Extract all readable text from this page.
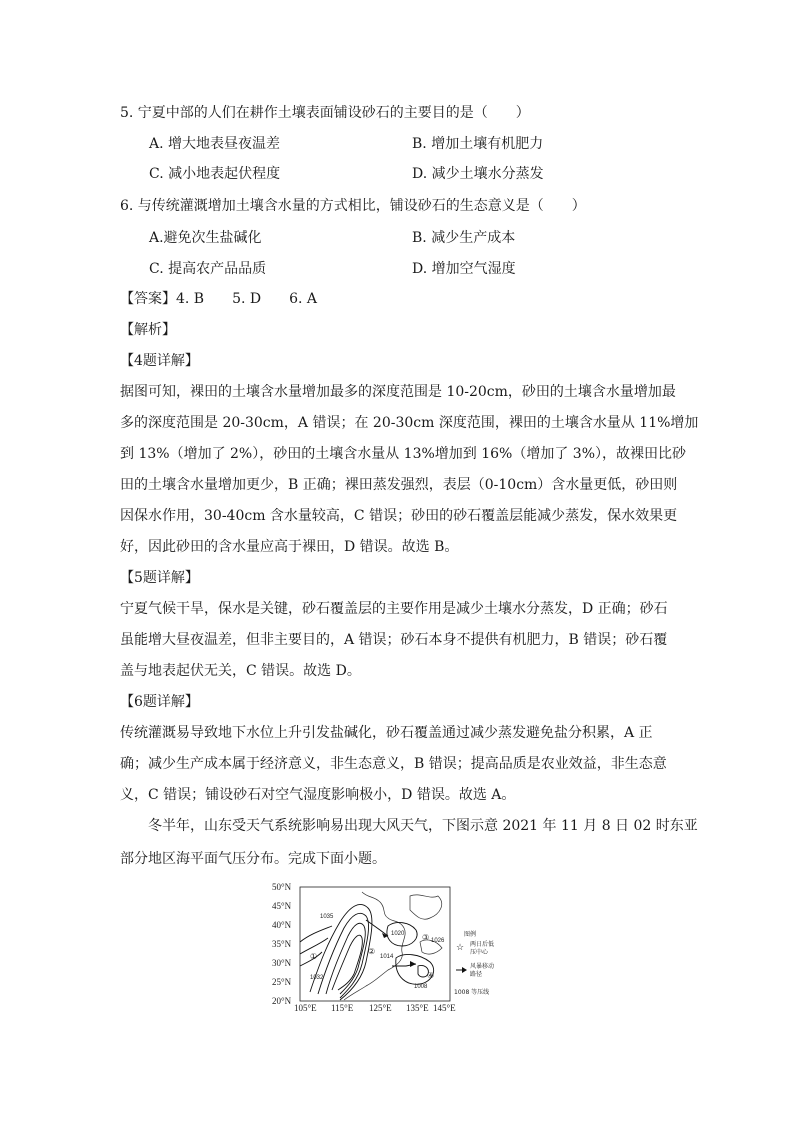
5. 宁夏中部的人们在耕作土壤表面铺设砂石的主要目的是（　　）
A. 增大地表昼夜温差	B. 增加土壤有机肥力
C. 减小地表起伏程度	D. 减少土壤水分蒸发
6. 与传统灌溉增加土壤含水量的方式相比，铺设砂石的生态意义是（　　）
A.避免次生盐碱化	B. 减少生产成本
C. 提高农产品品质	D. 增加空气湿度
【答案】4. B　　5. D　　6. A
【解析】
【4题详解】
据图可知，裸田的土壤含水量增加最多的深度范围是 10-20cm，砂田的土壤含水量增加最
多的深度范围是 20-30cm，A 错误；在 20-30cm 深度范围，裸田的土壤含水量从 11%增加
到 13%（增加了 2%），砂田的土壤含水量从 13%增加到 16%（增加了 3%），故裸田比砂
田的土壤含水量增加更少，B 正确；裸田蒸发强烈，表层（0-10cm）含水量更低，砂田则
因保水作用，30-40cm 含水量较高，C 错误；砂田的砂石覆盖层能减少蒸发，保水效果更
好，因此砂田的含水量应高于裸田，D 错误。故选 B。
【5题详解】
宁夏气候干旱，保水是关键，砂石覆盖层的主要作用是减少土壤水分蒸发，D 正确；砂石
虽能增大昼夜温差，但非主要目的，A 错误；砂石本身不提供有机肥力，B 错误；砂石覆
盖与地表起伏无关，C 错误。故选 D。
【6题详解】
传统灌溉易导致地下水位上升引发盐碱化，砂石覆盖通过减少蒸发避免盐分积累，A 正
确；减少生产成本属于经济意义，非生态意义，B 错误；提高品质是农业效益，非生态意
义，C 错误；铺设砂石对空气湿度影响极小，D 错误。故选 A。
冬半年，山东受天气系统影响易出现大风天气，下图示意 2021 年 11 月 8 日 02 时东亚
部分地区海平面气压分布。完成下面小题。
50°N
45°N
40°N
35°N
30°N
25°N
20°N
105°E 115°E 125°E 135°E 145°E
1035
1032
1020
1026
1014
1008
①
②
③
④
图例
☆ 两日后低
压中心
风暴移动
路径
1008 等压线
